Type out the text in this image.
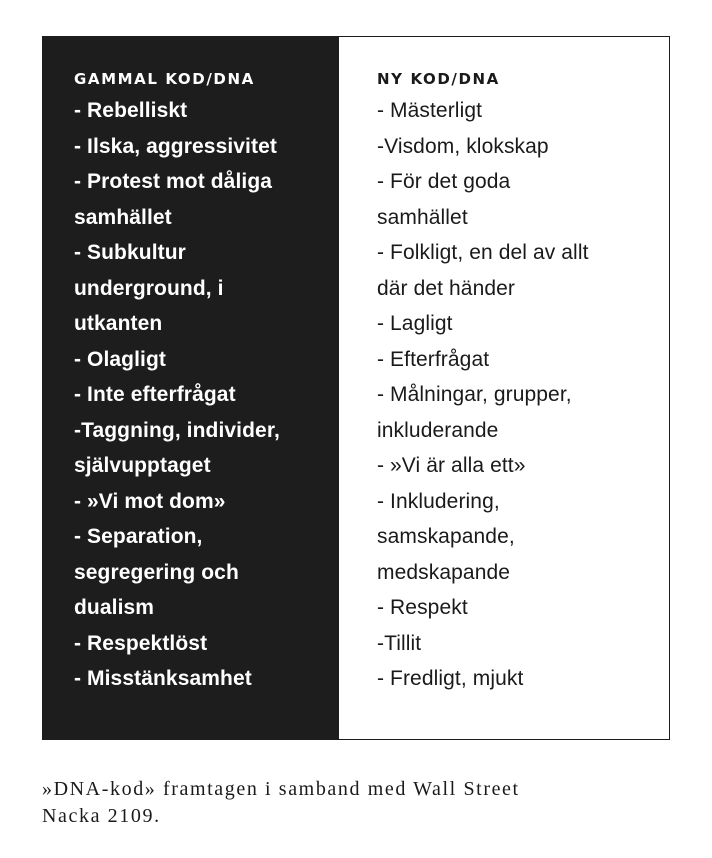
GAMMAL KOD/DNA
- Rebelliskt
- Ilska, aggressivitet
- Protest mot dåliga
samhället
- Subkultur
underground, i
utkanten
- Olagligt
- Inte efterfrågat
-Taggning, individer,
självupptaget
- »Vi mot dom»
- Separation,
segregering och
dualism
- Respektlöst
- Misstänksamhet
NY KOD/DNA
- Mästerligt
-Visdom, klokskap
- För det goda
samhället
- Folkligt, en del av allt
där det händer
- Lagligt
- Efterfrågat
- Målningar, grupper,
inkluderande
- »Vi är alla ett»
- Inkludering,
samskapande,
medskapande
- Respekt
-Tillit
- Fredligt, mjukt

»DNA-kod» framtagen i samband med Wall Street
Nacka 2109.
